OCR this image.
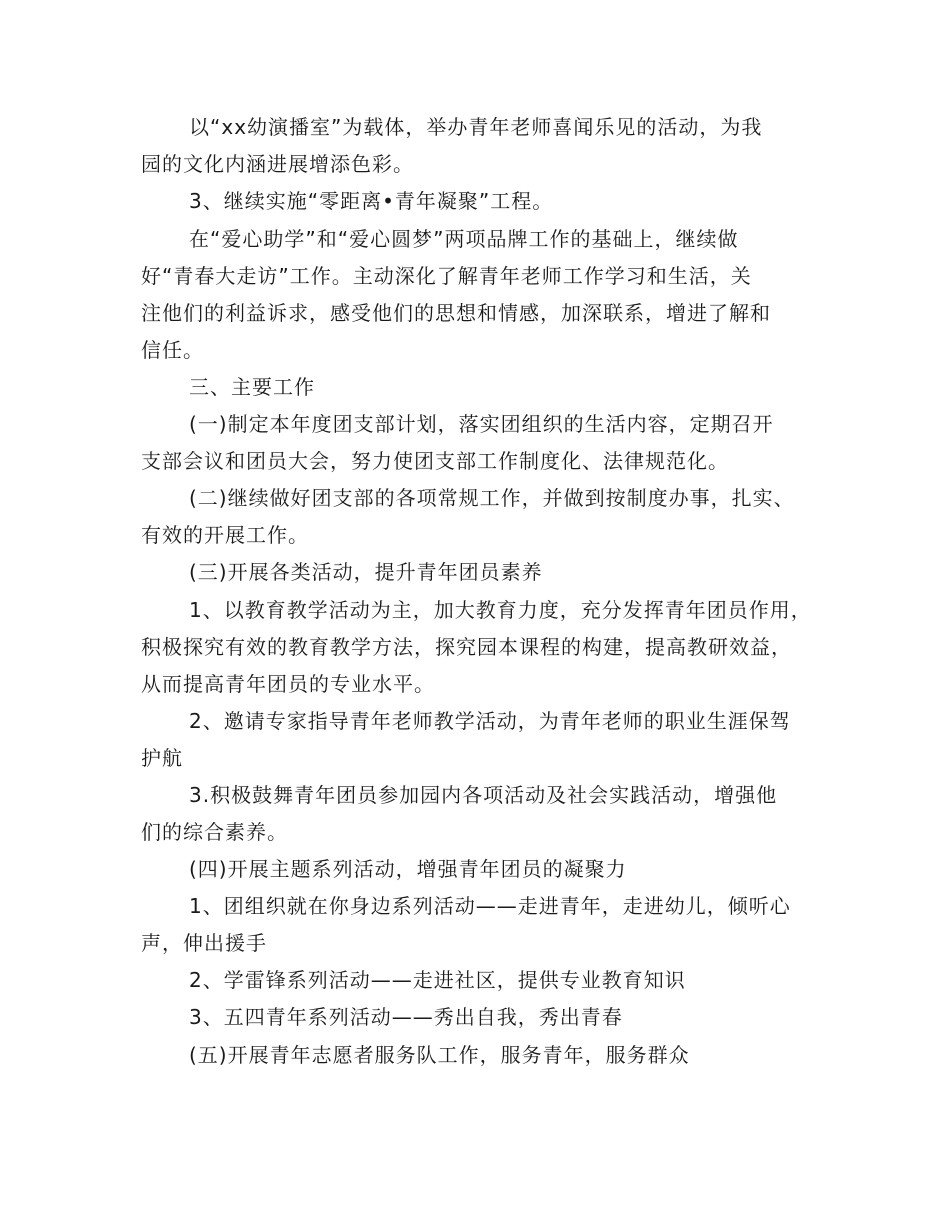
以“xx幼演播室”为载体，举办青年老师喜闻乐见的活动，为我
园的文化内涵进展增添色彩。
3、继续实施“零距离•青年凝聚”工程。
在“爱心助学”和“爱心圆梦”两项品牌工作的基础上，继续做
好“青春大走访”工作。主动深化了解青年老师工作学习和生活，关
注他们的利益诉求，感受他们的思想和情感，加深联系，增进了解和
信任。
三、主要工作
(一)制定本年度团支部计划，落实团组织的生活内容，定期召开
支部会议和团员大会，努力使团支部工作制度化、法律规范化。
(二)继续做好团支部的各项常规工作，并做到按制度办事，扎实、
有效的开展工作。
(三)开展各类活动，提升青年团员素养
1、以教育教学活动为主，加大教育力度，充分发挥青年团员作用，
积极探究有效的教育教学方法，探究园本课程的构建，提高教研效益，
从而提高青年团员的专业水平。
2、邀请专家指导青年老师教学活动，为青年老师的职业生涯保驾
护航
3.积极鼓舞青年团员参加园内各项活动及社会实践活动，增强他
们的综合素养。
(四)开展主题系列活动，增强青年团员的凝聚力
1、团组织就在你身边系列活动——走进青年，走进幼儿，倾听心
声，伸出援手
2、学雷锋系列活动——走进社区，提供专业教育知识
3、五四青年系列活动——秀出自我，秀出青春
(五)开展青年志愿者服务队工作，服务青年，服务群众
